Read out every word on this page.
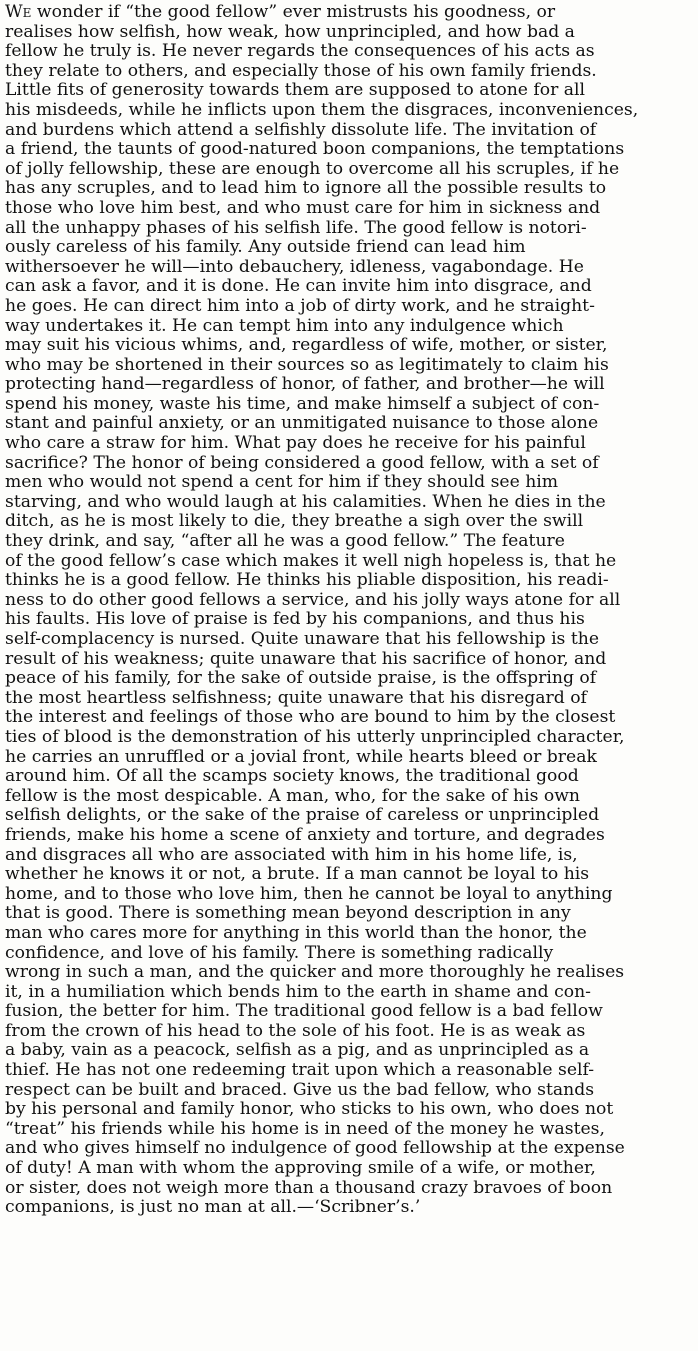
We wonder if “the good fellow” ever mistrusts his goodness, or
realises how selfish, how weak, how unprincipled, and how bad a
fellow he truly is. He never regards the consequences of his acts as
they relate to others, and especially those of his own family friends.
Little fits of generosity towards them are supposed to atone for all
his misdeeds, while he inflicts upon them the disgraces, inconveniences,
and burdens which attend a selfishly dissolute life. The invitation of
a friend, the taunts of good-natured boon companions, the temptations
of jolly fellowship, these are enough to overcome all his scruples, if he
has any scruples, and to lead him to ignore all the possible results to
those who love him best, and who must care for him in sickness and
all the unhappy phases of his selfish life. The good fellow is notori-
ously careless of his family. Any outside friend can lead him
withersoever he will—into debauchery, idleness, vagabondage. He
can ask a favor, and it is done. He can invite him into disgrace, and
he goes. He can direct him into a job of dirty work, and he straight-
way undertakes it. He can tempt him into any indulgence which
may suit his vicious whims, and, regardless of wife, mother, or sister,
who may be shortened in their sources so as legitimately to claim his
protecting hand—regardless of honor, of father, and brother—he will
spend his money, waste his time, and make himself a subject of con-
stant and painful anxiety, or an unmitigated nuisance to those alone
who care a straw for him. What pay does he receive for his painful
sacrifice? The honor of being considered a good fellow, with a set of
men who would not spend a cent for him if they should see him
starving, and who would laugh at his calamities. When he dies in the
ditch, as he is most likely to die, they breathe a sigh over the swill
they drink, and say, “after all he was a good fellow.” The feature
of the good fellow’s case which makes it well nigh hopeless is, that he
thinks he is a good fellow. He thinks his pliable disposition, his readi-
ness to do other good fellows a service, and his jolly ways atone for all
his faults. His love of praise is fed by his companions, and thus his
self-complacency is nursed. Quite unaware that his fellowship is the
result of his weakness; quite unaware that his sacrifice of honor, and
peace of his family, for the sake of outside praise, is the offspring of
the most heartless selfishness; quite unaware that his disregard of
the interest and feelings of those who are bound to him by the closest
ties of blood is the demonstration of his utterly unprincipled character,
he carries an unruffled or a jovial front, while hearts bleed or break
around him. Of all the scamps society knows, the traditional good
fellow is the most despicable. A man, who, for the sake of his own
selfish delights, or the sake of the praise of careless or unprincipled
friends, make his home a scene of anxiety and torture, and degrades
and disgraces all who are associated with him in his home life, is,
whether he knows it or not, a brute. If a man cannot be loyal to his
home, and to those who love him, then he cannot be loyal to anything
that is good. There is something mean beyond description in any
man who cares more for anything in this world than the honor, the
confidence, and love of his family. There is something radically
wrong in such a man, and the quicker and more thoroughly he realises
it, in a humiliation which bends him to the earth in shame and con-
fusion, the better for him. The traditional good fellow is a bad fellow
from the crown of his head to the sole of his foot. He is as weak as
a baby, vain as a peacock, selfish as a pig, and as unprincipled as a
thief. He has not one redeeming trait upon which a reasonable self-
respect can be built and braced. Give us the bad fellow, who stands
by his personal and family honor, who sticks to his own, who does not
“treat” his friends while his home is in need of the money he wastes,
and who gives himself no indulgence of good fellowship at the expense
of duty! A man with whom the approving smile of a wife, or mother,
or sister, does not weigh more than a thousand crazy bravoes of boon
companions, is just no man at all.—‘Scribner’s.’
